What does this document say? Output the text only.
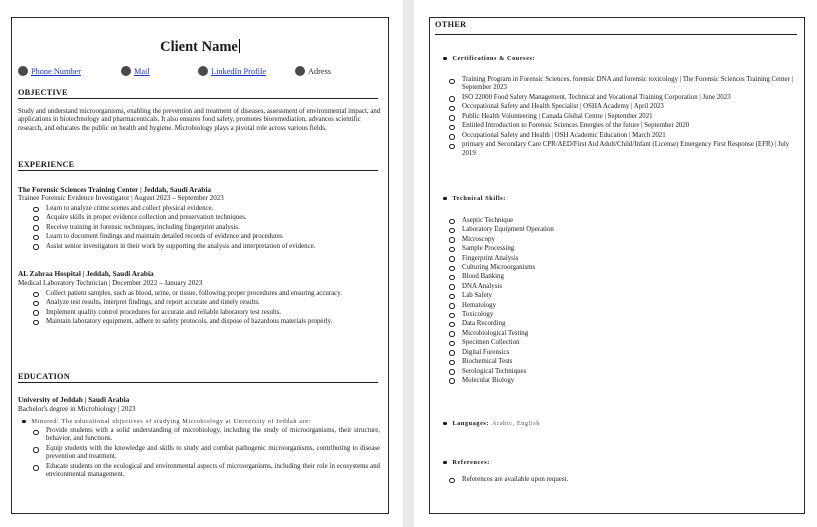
Client Name
Phone Number	Mail	LinkedIn Profile	Adress
OBJECTIVE
Study and understand microorganisms, enabling the prevention and treatment of diseases, assessment of environmental impact, and applications in biotechnology and pharmaceuticals. It also ensures food safety, promotes bioremediation, advances scientific research, and educates the public on health and hygiene. Microbiology plays a pivotal role across various fields.
EXPERIENCE
The Forensic Sciences Training Center | Jeddah, Saudi Arabia
Trainee Forensic Evidence Investigator | August 2023 – September 2023
Learn to analyze crime scenes and collect physical evidence.
Acquire skills in proper evidence collection and preservation techniques.
Receive training in forensic techniques, including fingerprint analysis.
Learn to document findings and maintain detailed records of evidence and procedures
Assist senior investigators in their work by supporting the analysis and interpretation of evidence.
AL Zahraa Hospital | Jeddah, Saudi Arabia
Medical Laboratory Technician | December 2022 – January 2023
Collect patient samples, such as blood, urine, or tissue, following proper procedures and ensuring accuracy.
Analyze test results, interpret findings, and report accurate and timely results.
Implement quality control procedures for accurate and reliable laboratory test results.
Maintain laboratory equipment, adhere to safety protocols, and dispose of hazardous materials properly.
EDUCATION
University of Jeddah | Saudi Arabia
Bachelor's degree in Microbiology | 2023
Minored:
The educational objectives of studying Microbiology at University of Jeddah are:
Provide students with a solid understanding of microbiology, including the study of microorganisms, their structure, behavior, and functions.
Equip students with the knowledge and skills to study and combat pathogenic microorganisms, contributing to disease prevention and treatment.
Educate students on the ecological and environmental aspects of microorganisms, including their role in ecosystems and environmental management.
OTHER
Certifications & Courses:
Training Program in Forensic Sciences, forensic DNA and forensic toxicology | The Forensic Sciences Training Center | September 2023
ISO 22000 Food Safety Management, Technical and Vocational Training Corporation | June 2023
Occupational Safety and Health Specialist | OSHA Academy | April 2023
Public Health Volunteering | Canada Global Centre | September 2021
Entitled Introduction to Forensic Sciences Energies of the future | September 2020
Occupational Safety and Health | OSH Academic Education | March 2021
primary and Secondary Care CPR/AED/First Aid Adult/Child/Infant (License) Emergency First Response (EFR) | July 2019
Technical Skills:
Aseptic Technique
Laboratory Equipment Operation
Microscopy
Sample Processing
Fingerprint Analysis
Culturing Microorganisms
Blood Banking
DNA Analysis
Lab Safety
Hematology
Toxicology
Data Recording
Microbiological Testing
Specimen Collection
Digital Forensics
Biochemical Tests
Serological Techniques
Molecular Biology
Languages: Arabic, English
References:
References are available upon request.
